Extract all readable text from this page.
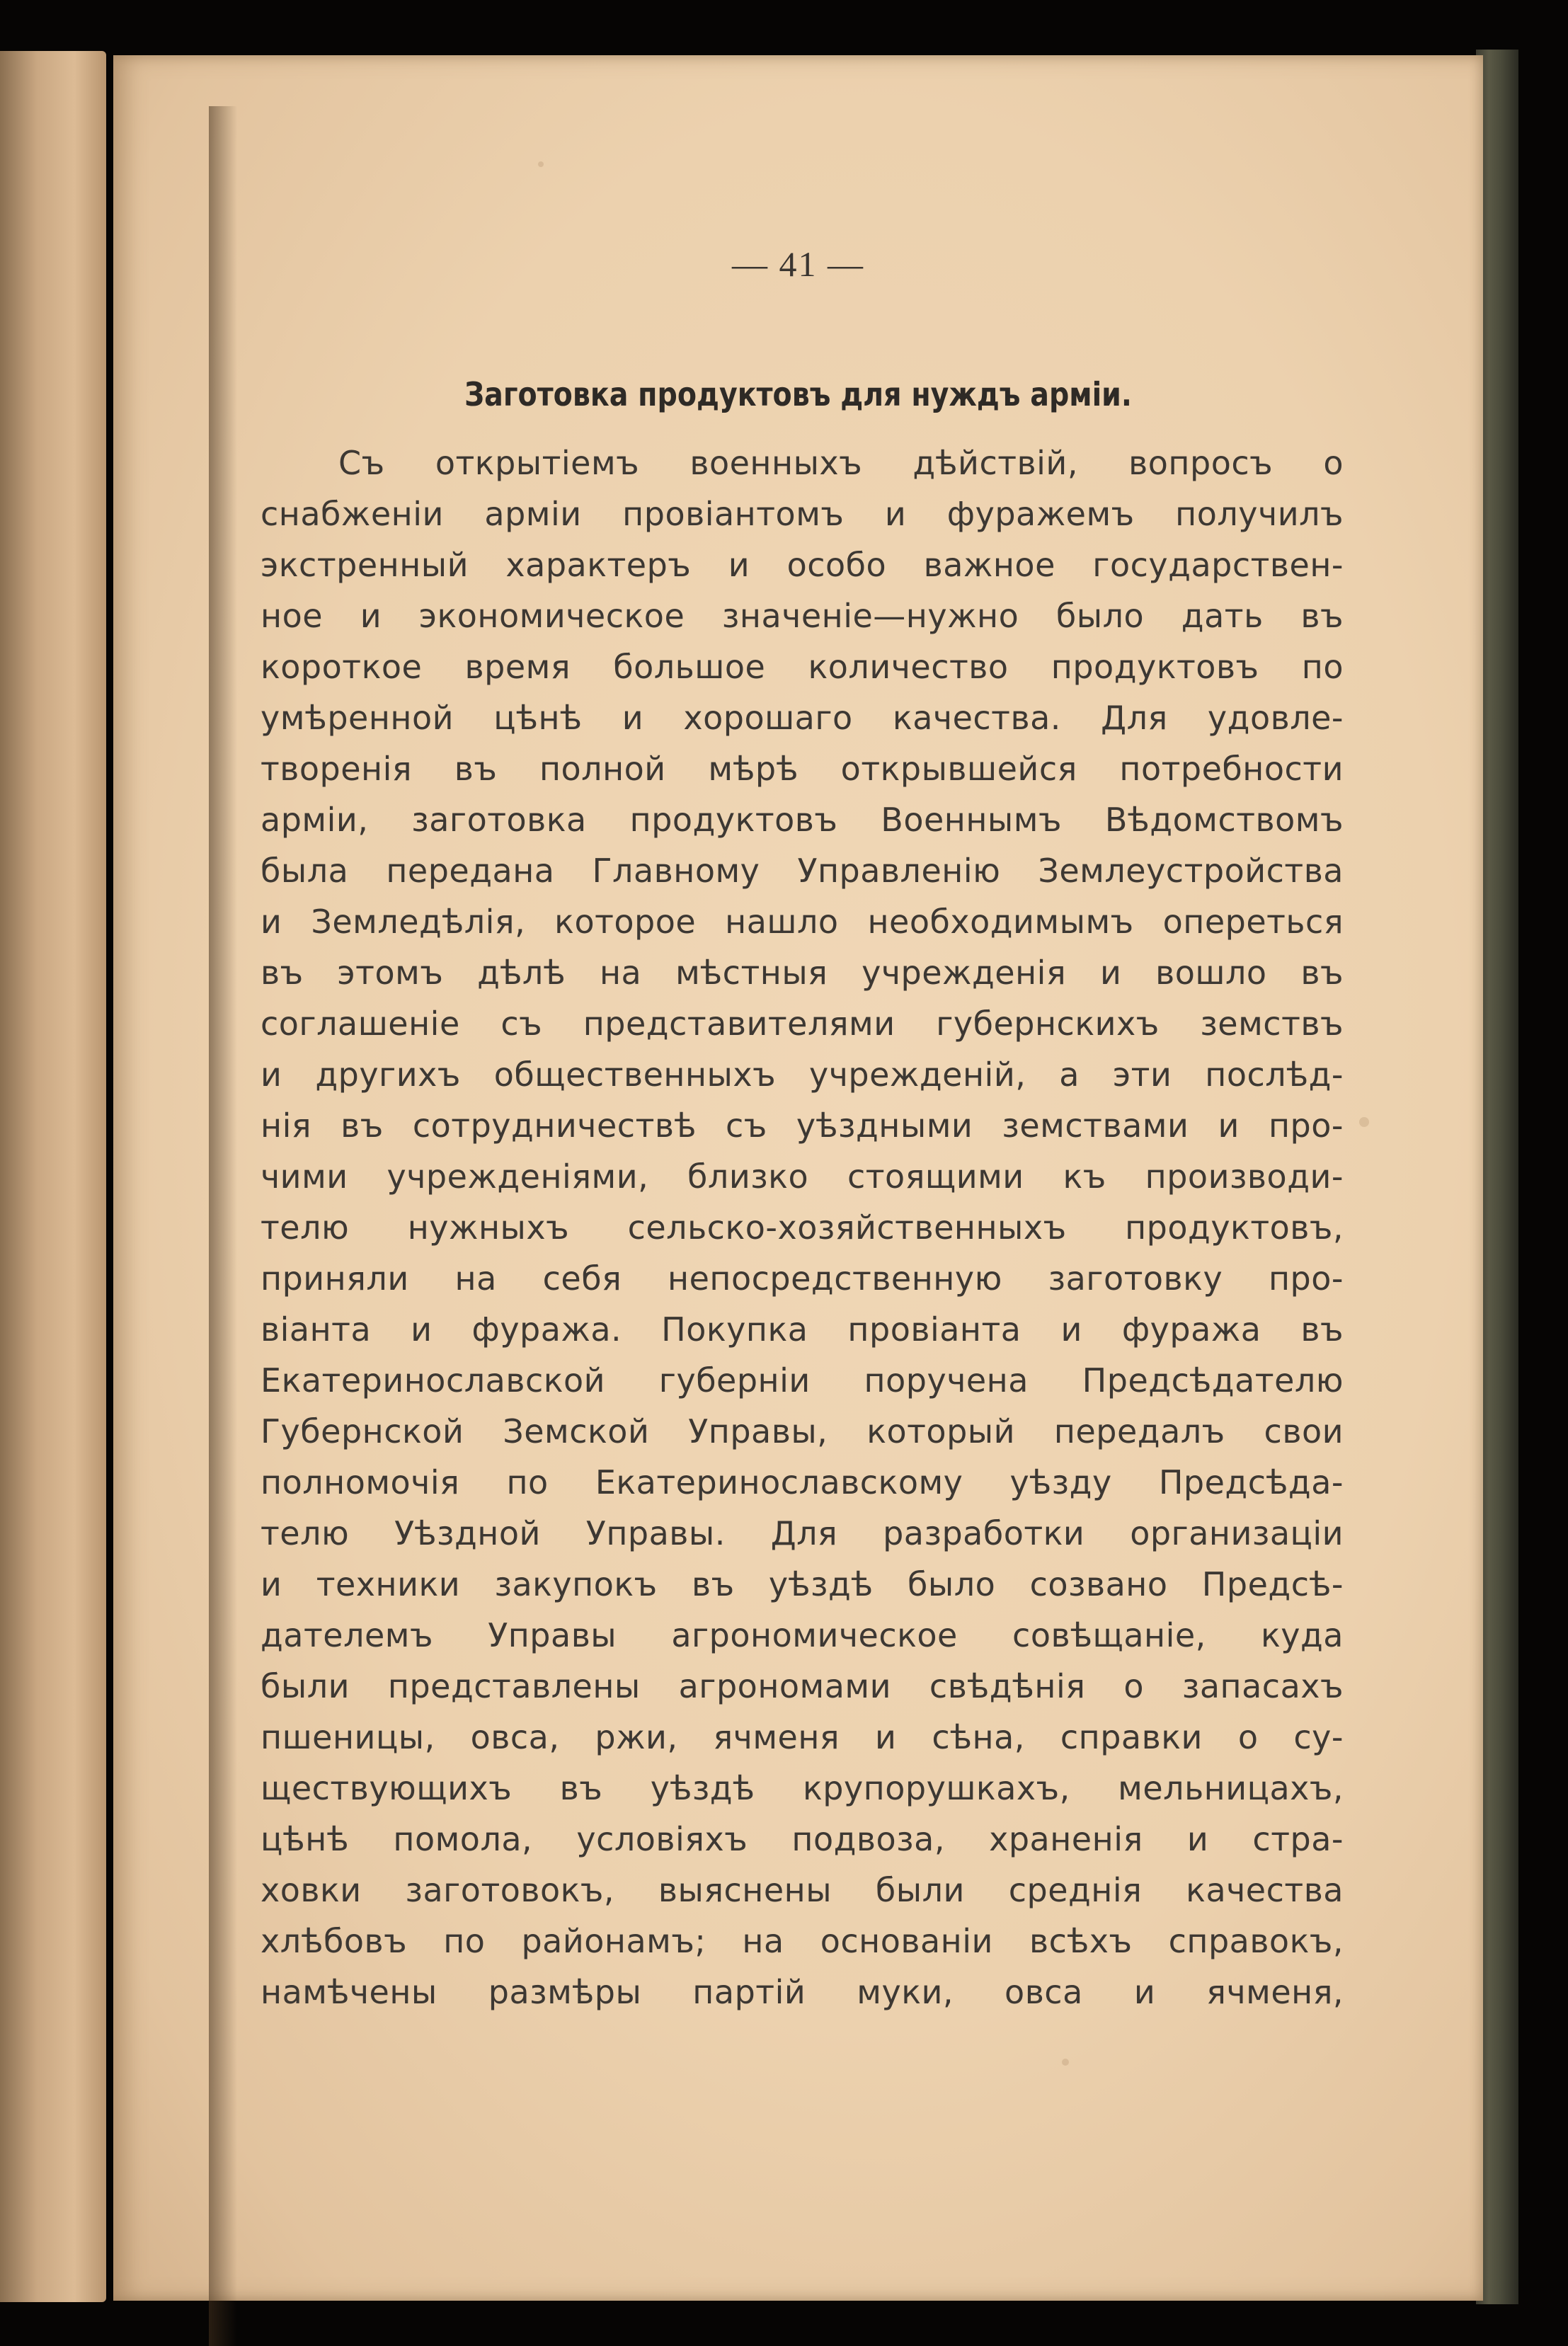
— 41 —
Заготовка продуктовъ для нуждъ арміи.
Съ открытіемъ военныхъ дѣйствій, вопросъ о
снабженіи арміи провіантомъ и фуражемъ получилъ
экстренный характеръ и особо важное государствен-
ное и экономическое значеніе—нужно было дать въ
короткое время большое количество продуктовъ по
умѣренной цѣнѣ и хорошаго качества. Для удовле-
творенія въ полной мѣрѣ открывшейся потребности
арміи, заготовка продуктовъ Военнымъ Вѣдомствомъ
была передана Главному Управленію Землеустройства
и Земледѣлія, которое нашло необходимымъ опереться
въ этомъ дѣлѣ на мѣстныя учрежденія и вошло въ
соглашеніе съ представителями губернскихъ земствъ
и другихъ общественныхъ учрежденій, а эти послѣд-
нія въ сотрудничествѣ съ уѣздными земствами и про-
чими учрежденіями, близко стоящими къ производи-
телю нужныхъ сельско-хозяйственныхъ продуктовъ,
приняли на себя непосредственную заготовку про-
віанта и фуража. Покупка провіанта и фуража въ
Екатеринославской губерніи поручена Предсѣдателю
Губернской Земской Управы, который передалъ свои
полномочія по Екатеринославскому уѣзду Предсѣда-
телю Уѣздной Управы. Для разработки организаціи
и техники закупокъ въ уѣздѣ было созвано Предсѣ-
дателемъ Управы агрономическое совѣщаніе, куда
были представлены агрономами свѣдѣнія о запасахъ
пшеницы, овса, ржи, ячменя и сѣна, справки о су-
ществующихъ въ уѣздѣ крупорушкахъ, мельницахъ,
цѣнѣ помола, условіяхъ подвоза, храненія и стра-
ховки заготовокъ, выяснены были среднія качества
хлѣбовъ по районамъ; на основаніи всѣхъ справокъ,
намѣчены размѣры партій муки, овса и ячменя,
